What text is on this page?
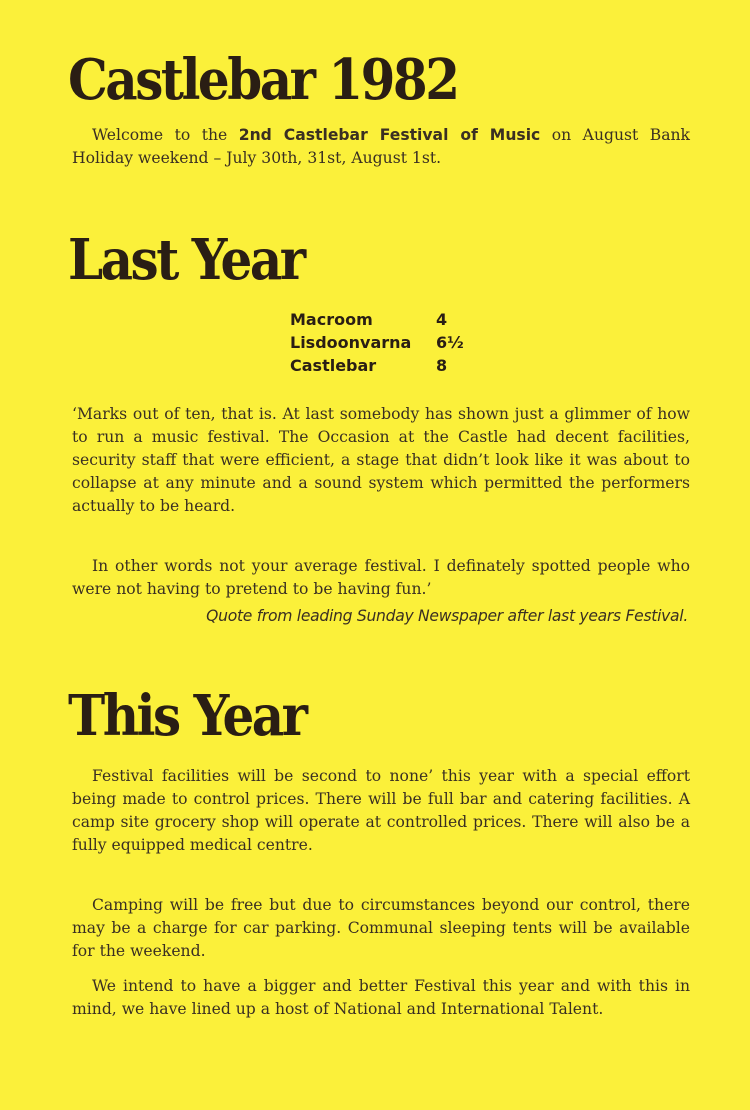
Castlebar 1982

Welcome to the 2nd Castlebar Festival of Music on August Bank Holiday weekend – July 30th, 31st, August 1st.

Last Year
Macroom	4
Lisdoonvarna	6½
Castlebar	8

‘Marks out of ten, that is. At last somebody has shown just a glimmer of how to run a music festival. The Occasion at the Castle had decent facilities, security staff that were efficient, a stage that didn’t look like it was about to collapse at any minute and a sound system which permitted the performers actually to be heard.

In other words not your average festival. I definately spotted people who were not having to pretend to be having fun.’

Quote from leading Sunday Newspaper after last years Festival.

This Year

Festival facilities will be second to none’ this year with a special effort being made to control prices. There will be full bar and catering facilities. A camp site grocery shop will operate at controlled prices. There will also be a fully equipped medical centre.

Camping will be free but due to circumstances beyond our control, there may be a charge for car parking. Communal sleeping tents will be available for the weekend.

We intend to have a bigger and better Festival this year and with this in mind, we have lined up a host of National and International Talent.
